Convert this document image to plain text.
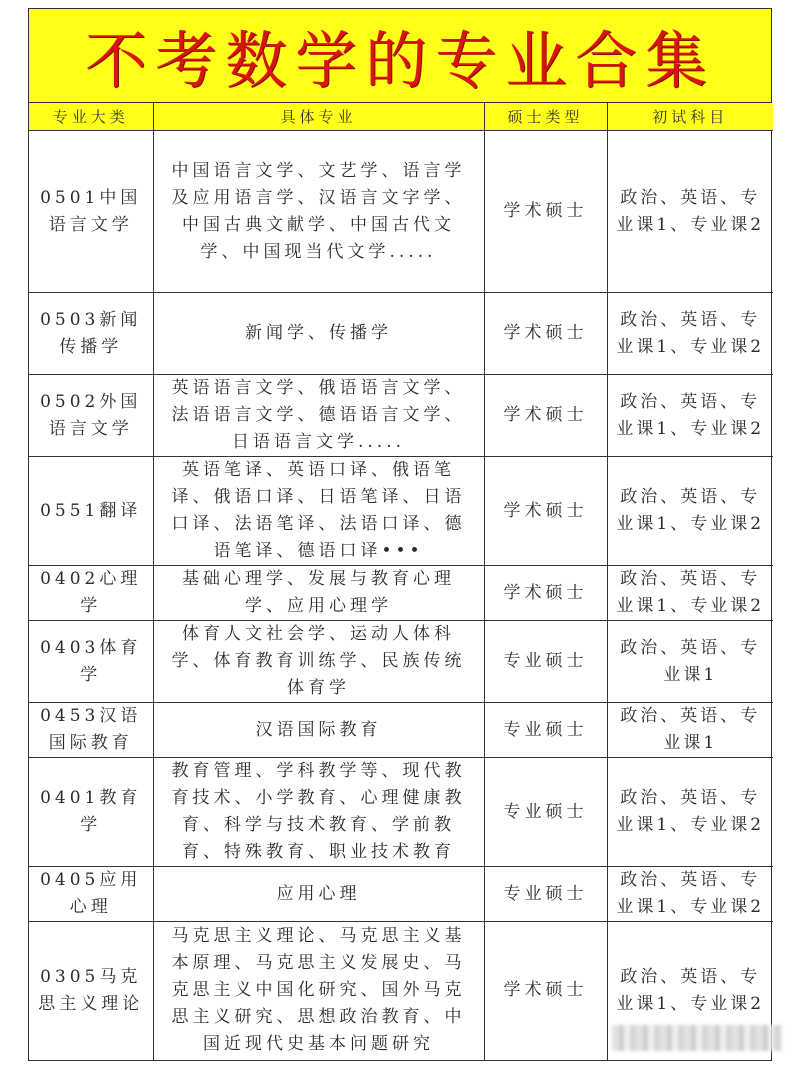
不考数学的专业合集
专业大类	具体专业	硕士类型	初试科目
0501中国语言文学	中国语言文学、文艺学、语言学及应用语言学、汉语言文字学、中国古典文献学、中国古代文学、中国现当代文学.....	学术硕士	政治、英语、专业课1、专业课2
0503新闻传播学	新闻学、传播学	学术硕士	政治、英语、专业课1、专业课2
0502外国语言文学	英语语言文学、俄语语言文学、法语语言文学、德语语言文学、日语语言文学.....	学术硕士	政治、英语、专业课1、专业课2
0551翻译	英语笔译、英语口译、俄语笔译、俄语口译、日语笔译、日语口译、法语笔译、法语口译、德语笔译、德语口译•••	学术硕士	政治、英语、专业课1、专业课2
0402心理学	基础心理学、发展与教育心理学、应用心理学	学术硕士	政治、英语、专业课1、专业课2
0403体育学	体育人文社会学、运动人体科学、体育教育训练学、民族传统体育学	专业硕士	政治、英语、专业课1
0453汉语国际教育	汉语国际教育	专业硕士	政治、英语、专业课1
0401教育学	教育管理、学科教学等、现代教育技术、小学教育、心理健康教育、科学与技术教育、学前教育、特殊教育、职业技术教育	专业硕士	政治、英语、专业课1、专业课2
0405应用心理	应用心理	专业硕士	政治、英语、专业课1、专业课2
0305马克思主义理论	马克思主义理论、马克思主义基本原理、马克思主义发展史、马克思主义中国化研究、国外马克思主义研究、思想政治教育、中国近现代史基本问题研究	学术硕士	政治、英语、专业课1、专业课2
